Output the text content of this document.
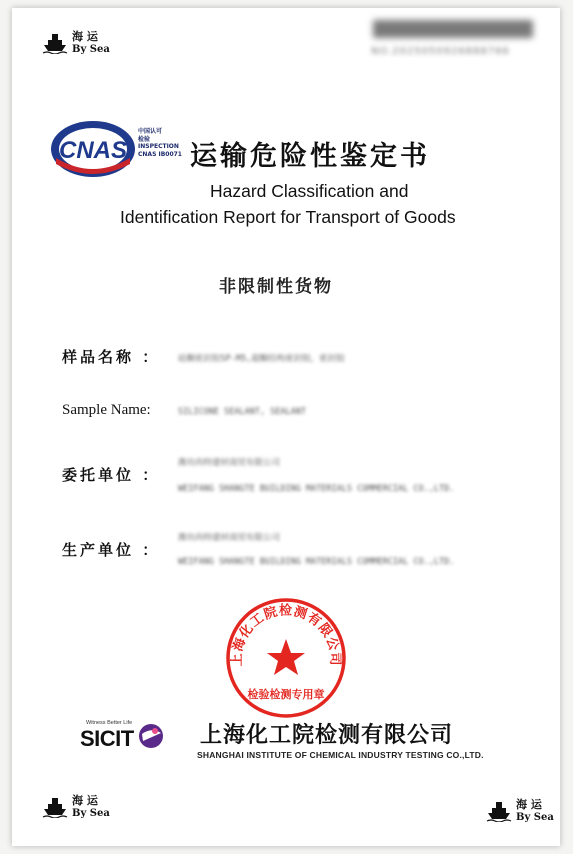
海 运
By Sea	NO.2025050926888766
CNAS
中国认可
检验
INSPECTION
CNAS IB0071 运输危险性鉴定书
Hazard Classification and
Identification Report for Transport of Goods
非限制性货物
样品名称 ： 硅酮密封胶SP-M5,超酮结构密封胶，密封胶
Sample Name:	SILICONE SEALANT, SEALANT
委托单位 ：
潍坊尚特建材商贸有限公司
WEIFANG SHANGTE BUILDING MATERIALS COMMERCIAL CO.,LTD.
生产单位 ：
潍坊尚特建材商贸有限公司
WEIFANG SHANGTE BUILDING MATERIALS COMMERCIAL CO.,LTD.
上海化工院检测有限公司
检验检测专用章
Witness Better Life
SICIT	上海化工院检测有限公司
SHANGHAI INSTITUTE OF CHEMICAL INDUSTRY TESTING CO.,LTD.
海 运
By Sea
海 运
By Sea
